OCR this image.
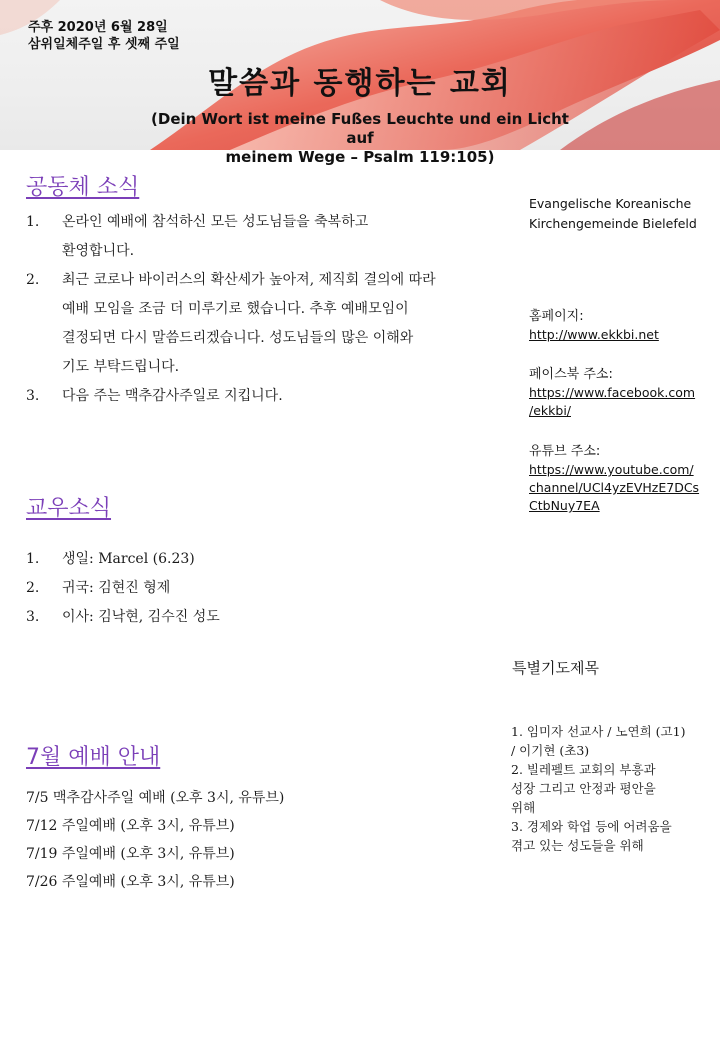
주후 2020년 6월 28일
삼위일체주일 후 셋째 주일
말씀과 동행하는 교회
(Dein Wort ist meine Fußes Leuchte und ein Licht auf
meinem Wege – Psalm 119:105)
공동체 소식
1. 온라인 예배에 참석하신 모든 성도님들을 축복하고
환영합니다.
2. 최근 코로나 바이러스의 확산세가 높아져, 제직회 결의에 따라
예배 모임을 조금 더 미루기로 했습니다. 추후 예배모임이
결정되면 다시 말씀드리겠습니다. 성도님들의 많은 이해와
기도 부탁드립니다.
3. 다음 주는 맥추감사주일로 지킵니다.
교우소식
1. 생일: Marcel (6.23)
2. 귀국: 김현진 형제
3. 이사: 김낙현, 김수진 성도
7월 예배 안내
7/5 맥추감사주일 예배 (오후 3시, 유튜브)
7/12 주일예배 (오후 3시, 유튜브)
7/19 주일예배 (오후 3시, 유튜브)
7/26 주일예배 (오후 3시, 유튜브)
Evangelische Koreanische
Kirchengemeinde Bielefeld
홈페이지:
http://www.ekkbi.net
페이스북 주소:
https://www.facebook.com
/ekkbi/
유튜브 주소:
https://www.youtube.com/
channel/UCl4yzEVHzE7DCs
CtbNuy7EA
특별기도제목
1. 임미자 선교사 / 노연희 (고1)
/ 이기현 (초3)
2. 빌레펠트 교회의 부흥과
성장 그리고 안정과 평안을
위해
3. 경제와 학업 등에 어려움을
겪고 있는 성도들을 위해
